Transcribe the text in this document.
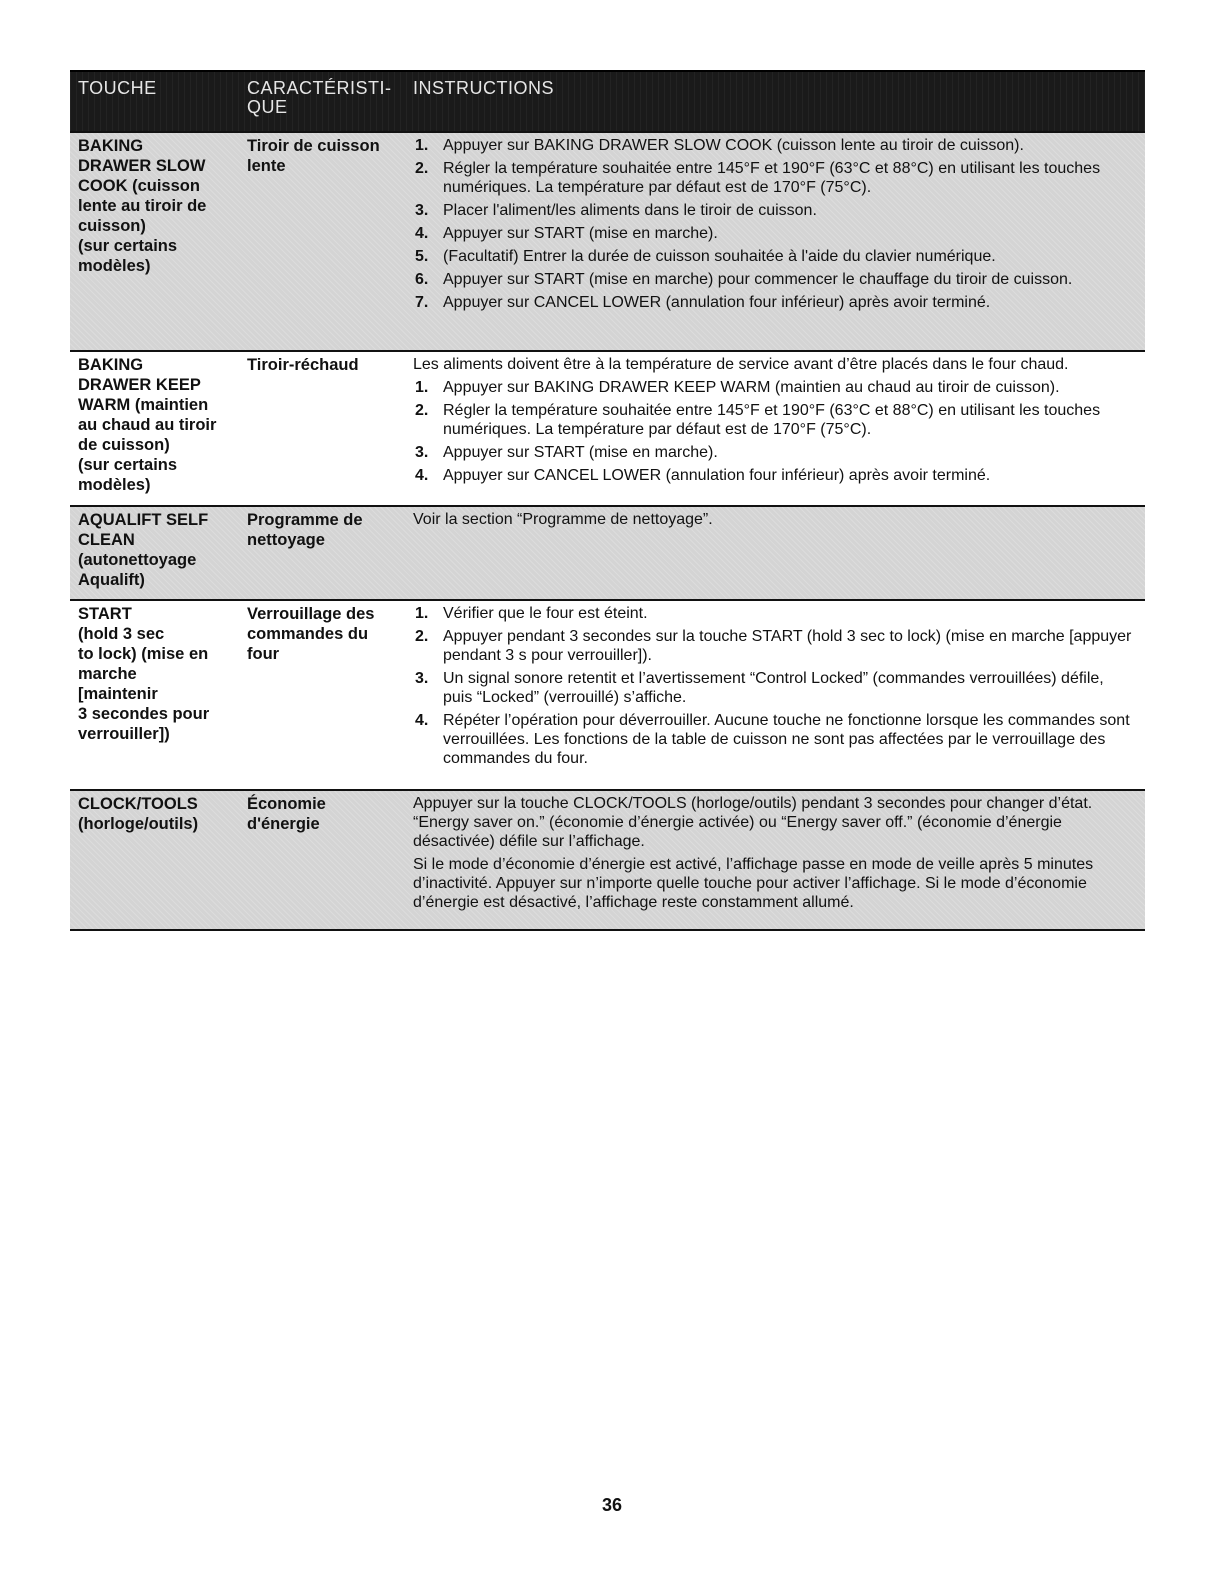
TOUCHE	CARACTÉRISTI-
QUE
INSTRUCTIONS
BAKING
DRAWER SLOW
COOK (cuisson
lente au tiroir de
cuisson)
(sur certains
modèles)
Tiroir de cuisson
lente
1. Appuyer sur BAKING DRAWER SLOW COOK (cuisson lente au tiroir de cuisson).
2. Régler la température souhaitée entre 145°F et 190°F (63°C et 88°C) en utilisant les touches numériques. La température par défaut est de 170°F (75°C).
3. Placer l'aliment/les aliments dans le tiroir de cuisson.
4. Appuyer sur START (mise en marche).
5. (Facultatif) Entrer la durée de cuisson souhaitée à l'aide du clavier numérique.
6. Appuyer sur START (mise en marche) pour commencer le chauffage du tiroir de cuisson.
7. Appuyer sur CANCEL LOWER (annulation four inférieur) après avoir terminé.
BAKING
DRAWER KEEP
WARM (maintien
au chaud au tiroir
de cuisson)
(sur certains
modèles)
Tiroir-réchaud	Les aliments doivent être à la température de service avant d’être placés dans le four chaud.

1. Appuyer sur BAKING DRAWER KEEP WARM (maintien au chaud au tiroir de cuisson).
2. Régler la température souhaitée entre 145°F et 190°F (63°C et 88°C) en utilisant les touches numériques. La température par défaut est de 170°F (75°C).
3. Appuyer sur START (mise en marche).
4. Appuyer sur CANCEL LOWER (annulation four inférieur) après avoir terminé.
AQUALIFT SELF
CLEAN
(autonettoyage
Aqualift)
Programme de
nettoyage

Voir la section “Programme de nettoyage”.

START
(hold 3 sec
to lock) (mise en
marche
[maintenir
3 secondes pour
verrouiller])
Verrouillage des
commandes du
four
1. Vérifier que le four est éteint.
2. Appuyer pendant 3 secondes sur la touche START (hold 3 sec to lock) (mise en marche [appuyer pendant 3 s pour verrouiller]).
3. Un signal sonore retentit et l’avertissement “Control Locked” (commandes verrouillées) défile, puis “Locked” (verrouillé) s’affiche.
4. Répéter l’opération pour déverrouiller. Aucune touche ne fonctionne lorsque les commandes sont verrouillées. Les fonctions de la table de cuisson ne sont pas affectées par le verrouillage des commandes du four.
CLOCK/TOOLS
(horloge/outils)
Économie
d'énergie

Appuyer sur la touche CLOCK/TOOLS (horloge/outils) pendant 3 secondes pour changer d’état. “Energy saver on.” (économie d’énergie activée) ou “Energy saver off.” (économie d’énergie désactivée) défile sur l’affichage.

Si le mode d’économie d’énergie est activé, l’affichage passe en mode de veille après 5 minutes d’inactivité. Appuyer sur n’importe quelle touche pour activer l’affichage. Si le mode d’économie d’énergie est désactivé, l’affichage reste constamment allumé.

36
